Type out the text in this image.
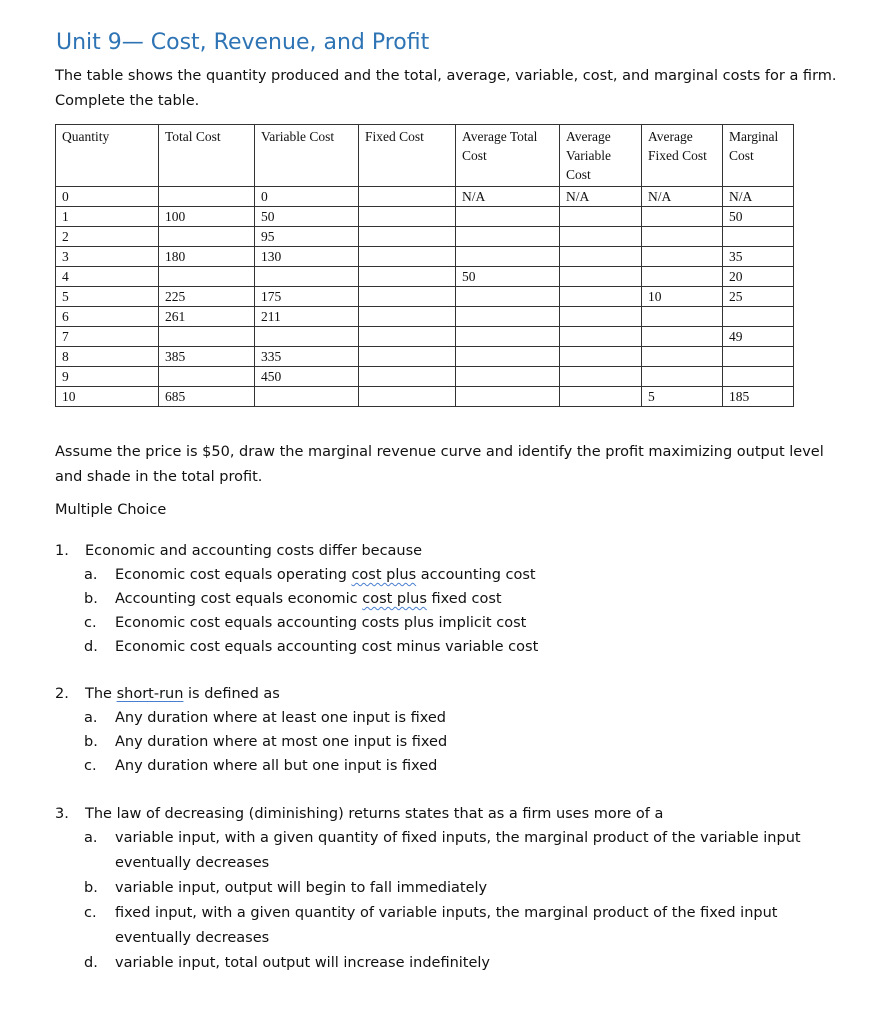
Unit 9— Cost, Revenue, and Profit

The table shows the quantity produced and the total, average, variable, cost, and marginal costs for a firm. Complete the table.

Quantity	Total Cost	Variable Cost	Fixed Cost	Average Total Cost	Average Variable Cost	Average Fixed Cost	Marginal Cost
0		0		N/A	N/A	N/A	N/A
1	100	50					50
2		95					
3	180	130					35
4				50			20
5	225	175				10	25
6	261	211					
7							49
8	385	335					
9		450					
10	685					5	185

Assume the price is $50, draw the marginal revenue curve and identify the profit maximizing output level and shade in the total profit.

Multiple Choice

1. Economic and accounting costs differ because
a. Economic cost equals operating cost plus accounting cost
b. Accounting cost equals economic cost plus fixed cost
c. Economic cost equals accounting costs plus implicit cost
d. Economic cost equals accounting cost minus variable cost
2. The short-run is defined as
a. Any duration where at least one input is fixed
b. Any duration where at most one input is fixed
c. Any duration where all but one input is fixed
3. The law of decreasing (diminishing) returns states that as a firm uses more of a
a. variable input, with a given quantity of fixed inputs, the marginal product of the variable input eventually decreases
b. variable input, output will begin to fall immediately
c. fixed input, with a given quantity of variable inputs, the marginal product of the fixed input eventually decreases
d. variable input, total output will increase indefinitely
